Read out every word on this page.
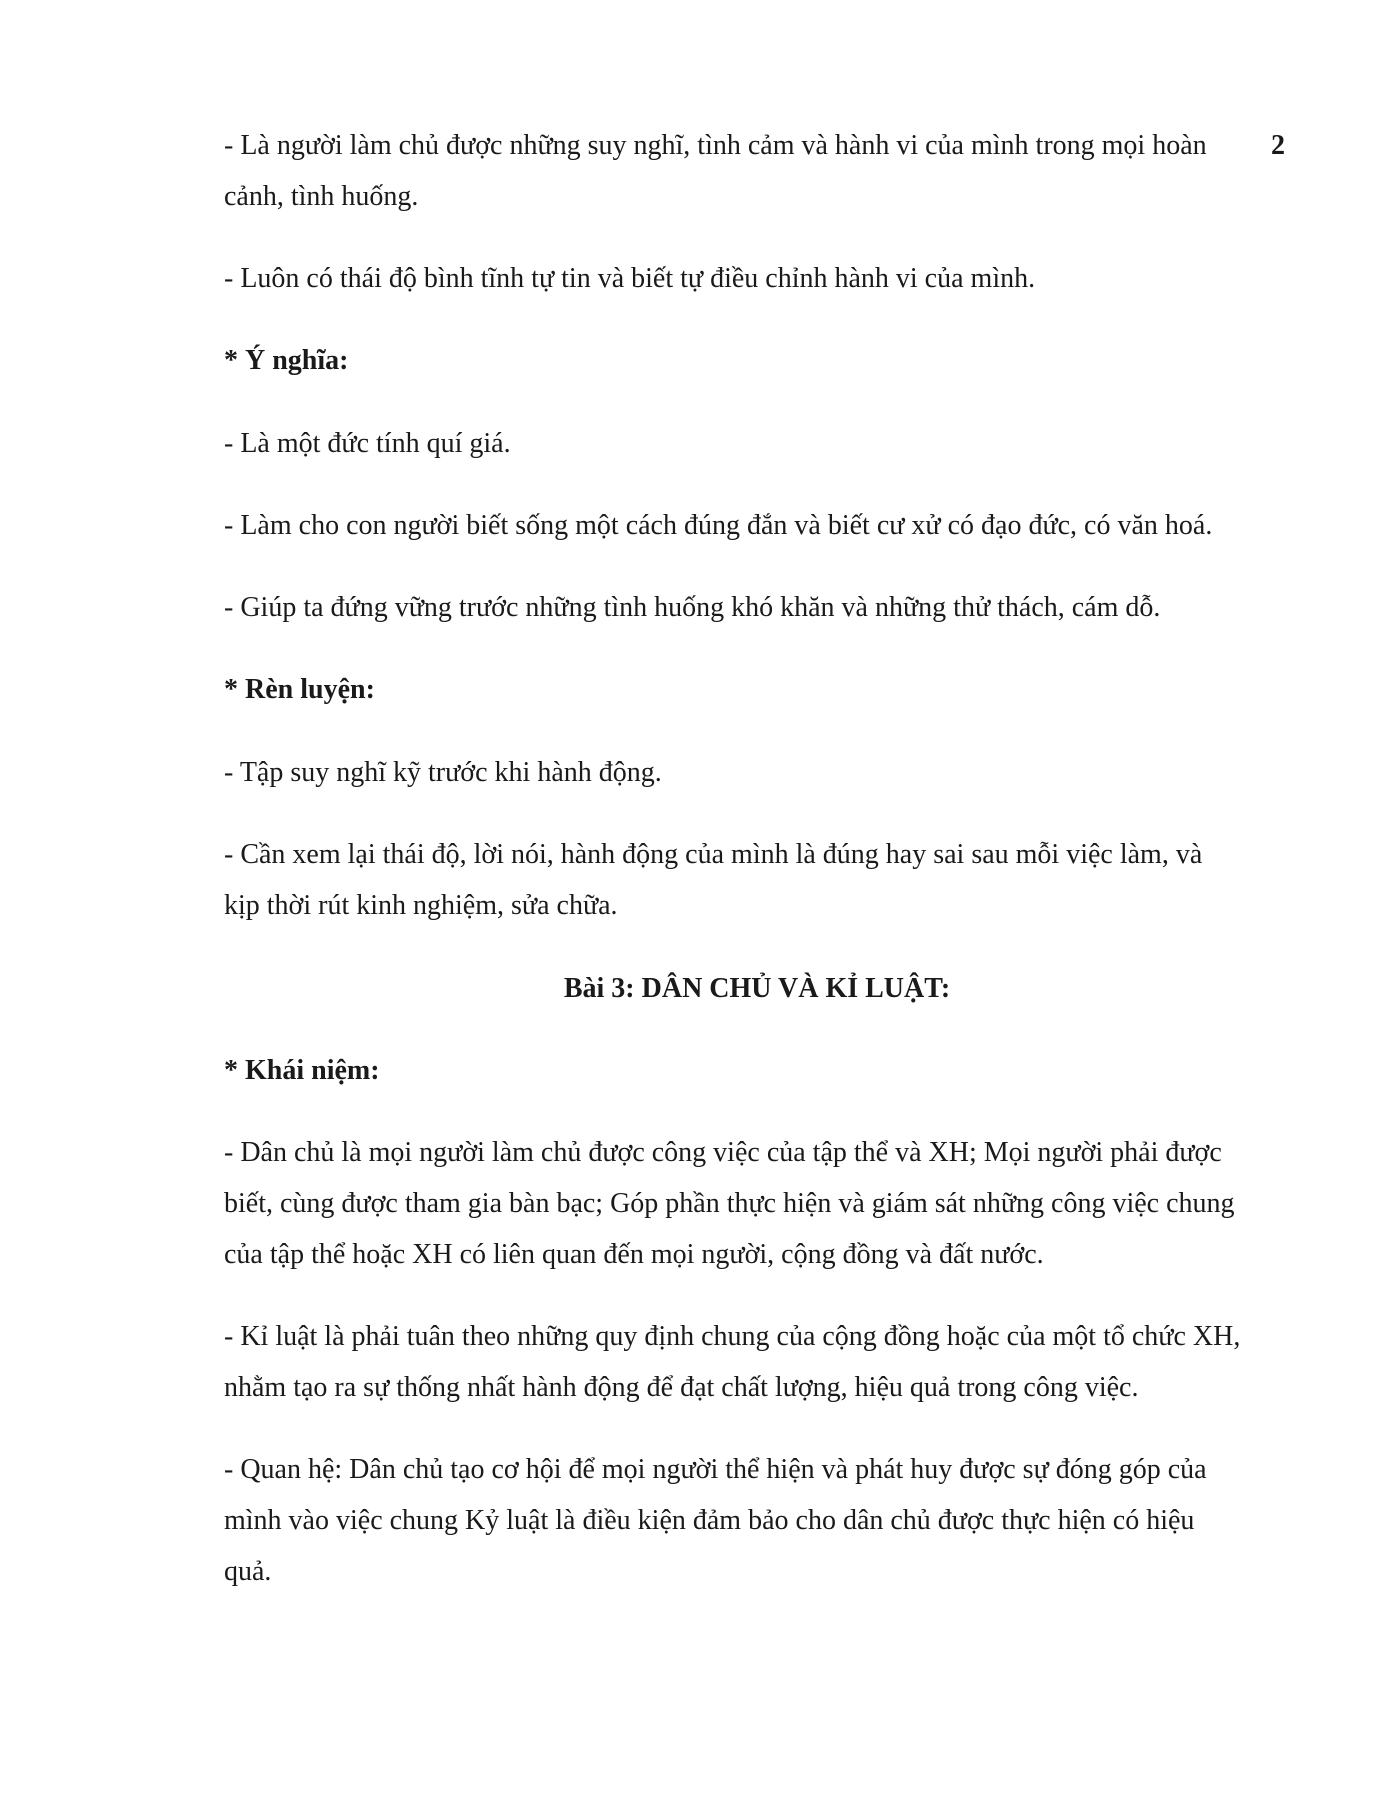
2

- Là người làm chủ được những suy nghĩ, tình cảm và hành vi của mình trong mọi hoàn

cảnh, tình huống.

- Luôn có thái độ bình tĩnh tự tin và biết tự điều chỉnh hành vi của mình.

* Ý nghĩa:

- Là một đức tính quí giá.

- Làm cho con người biết sống một cách đúng đắn và biết cư xử có đạo đức, có văn hoá.

- Giúp ta đứng vững trước những tình huống khó khăn và những thử thách, cám dỗ.

* Rèn luyện:

- Tập suy nghĩ kỹ trước khi hành động.

- Cần xem lại thái độ, lời nói, hành động của mình là đúng hay sai sau mỗi việc làm, và

kịp thời rút kinh nghiệm, sửa chữa.

Bài 3: DÂN CHỦ VÀ KỈ LUẬT:

* Khái niệm:

- Dân chủ là mọi người làm chủ được công việc của tập thể và XH; Mọi người phải được

biết, cùng được tham gia bàn bạc; Góp phần thực hiện và giám sát những công việc chung

của tập thể hoặc XH có liên quan đến mọi người, cộng đồng và đất nước.

- Kỉ luật là phải tuân theo những quy định chung của cộng đồng hoặc của một tổ chức XH,

nhằm tạo ra sự thống nhất hành động để đạt chất lượng, hiệu quả trong công việc.

- Quan hệ: Dân chủ tạo cơ hội để mọi người thể hiện và phát huy được sự đóng góp của

mình vào việc chung Kỷ luật là điều kiện đảm bảo cho dân chủ được thực hiện có hiệu

quả.
